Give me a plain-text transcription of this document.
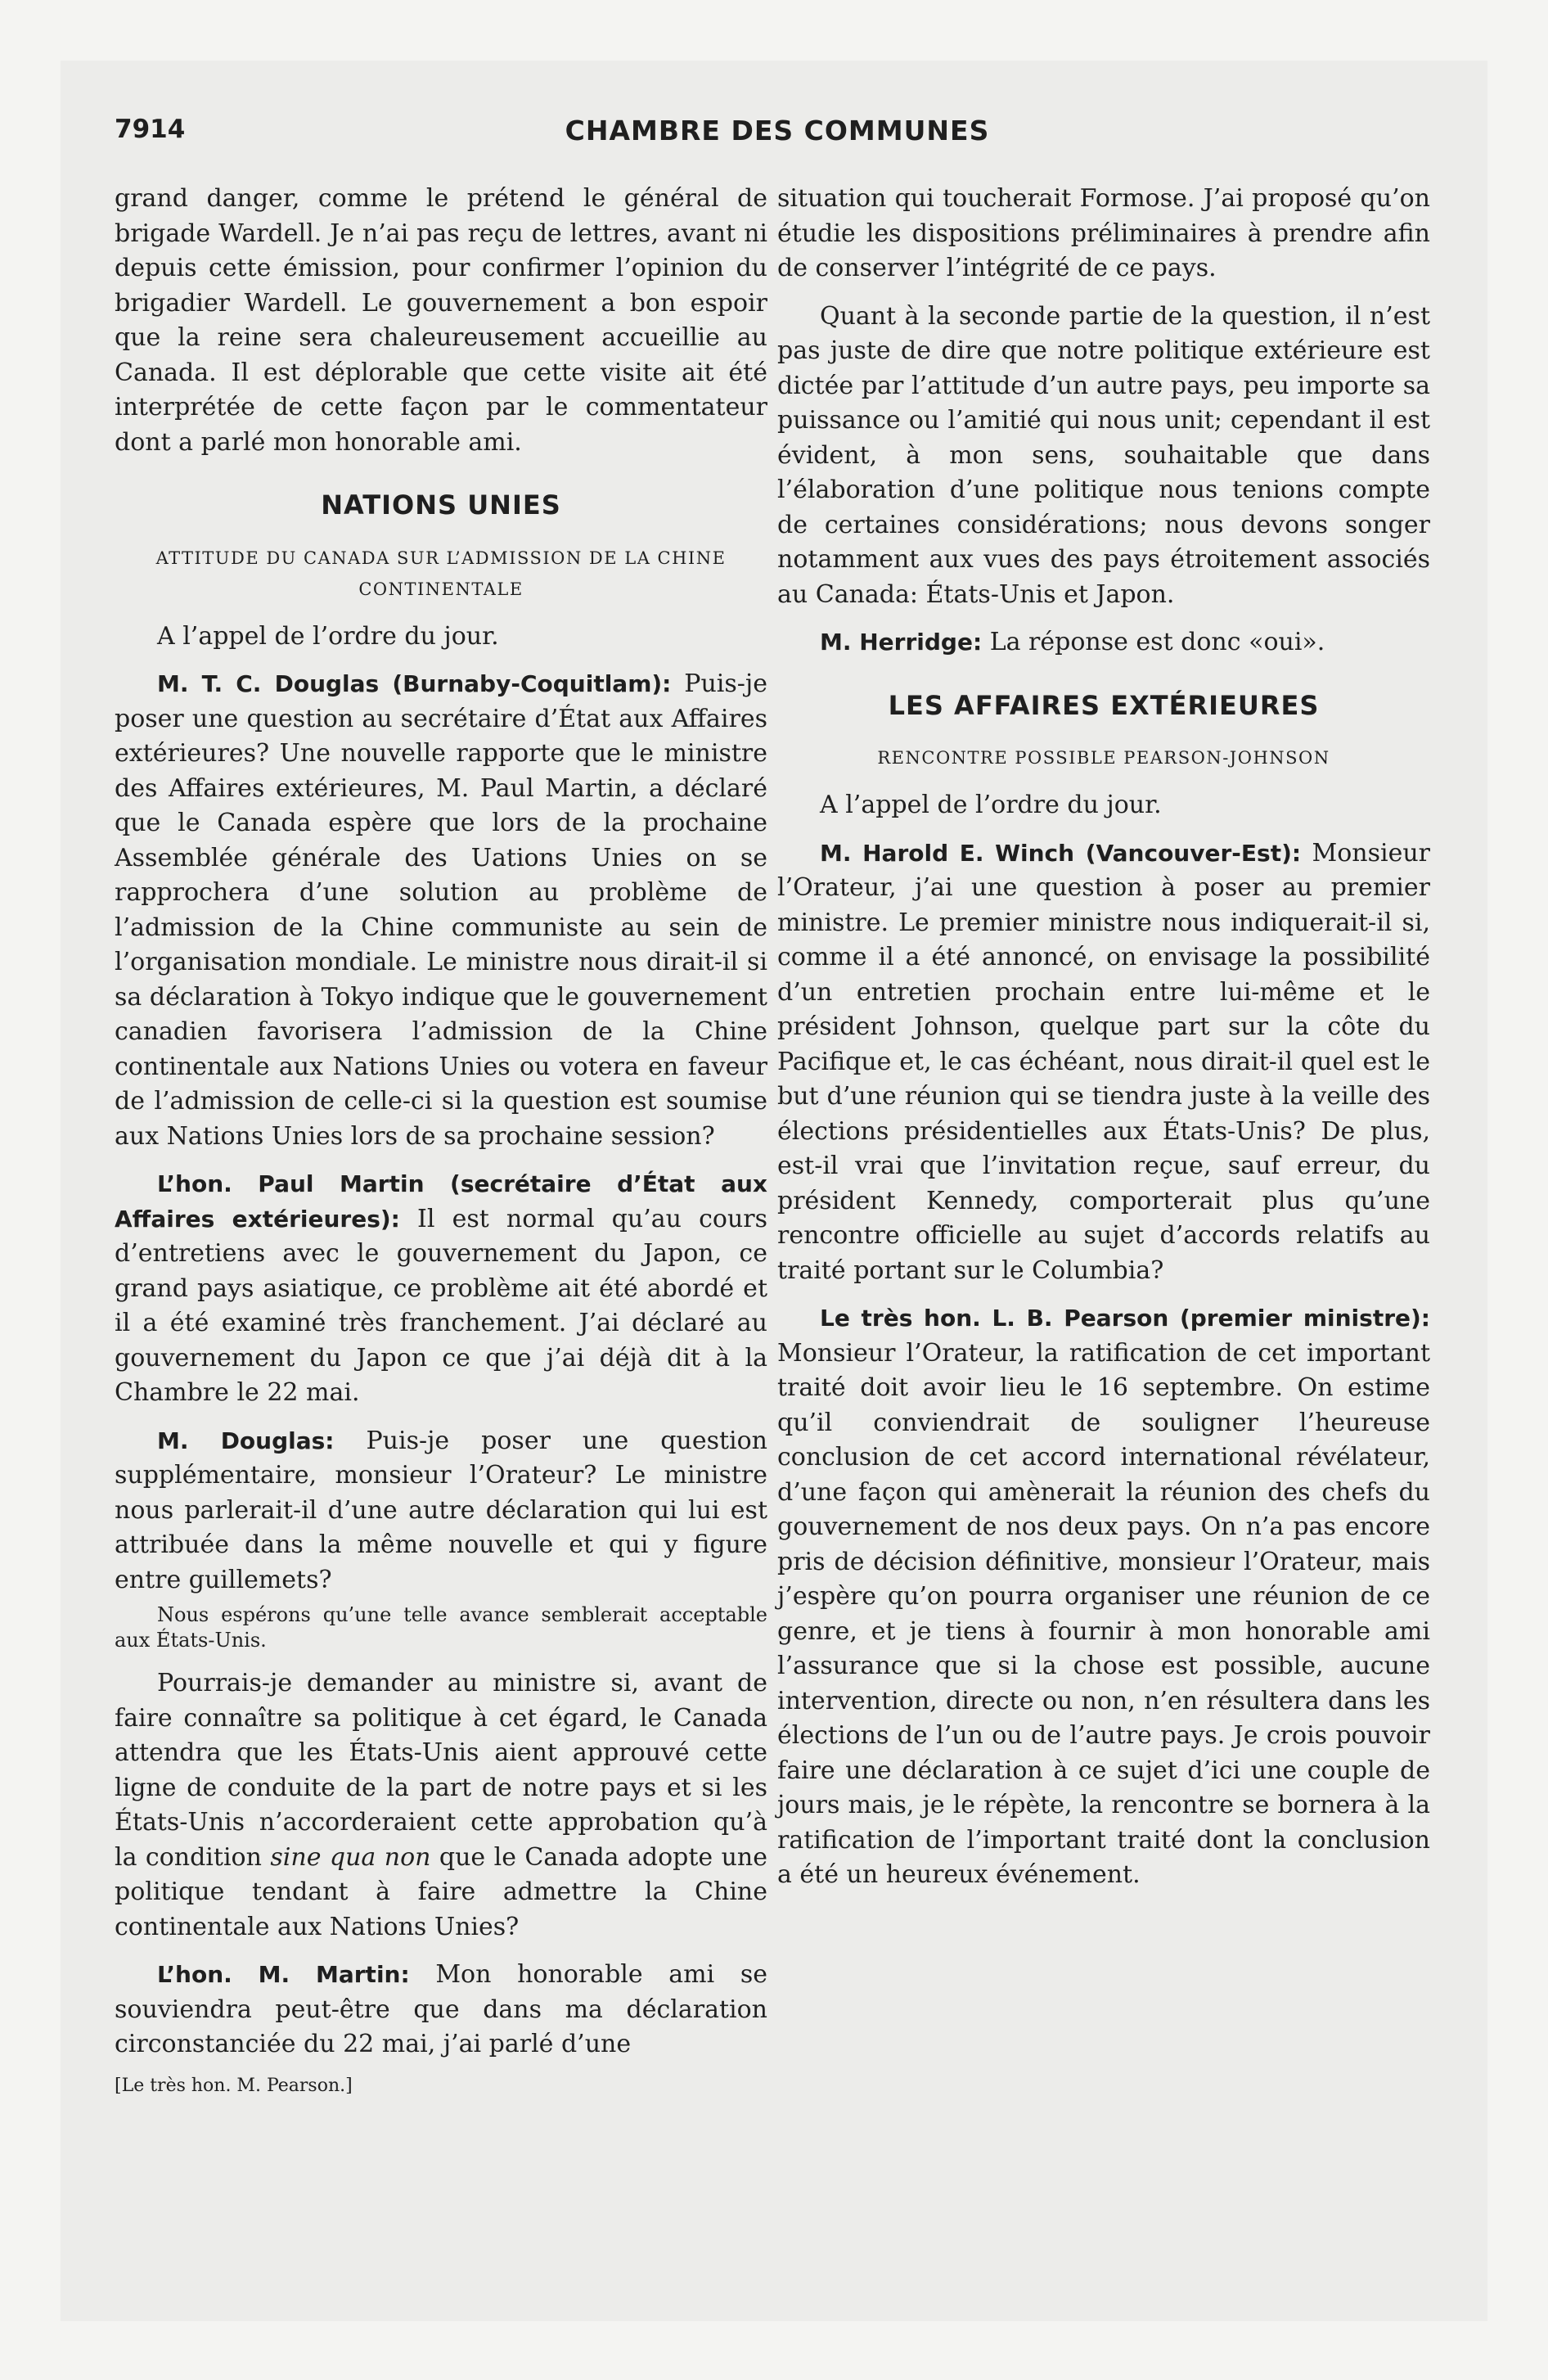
7914	CHAMBRE DES COMMUNES

grand danger, comme le prétend le général de brigade Wardell. Je n’ai pas reçu de lettres, avant ni depuis cette émission, pour confirmer l’opinion du brigadier Wardell. Le gouvernement a bon espoir que la reine sera chaleureusement accueillie au Canada. Il est déplorable que cette visite ait été interprétée de cette façon par le commentateur dont a parlé mon honorable ami.

NATIONS UNIES
ATTITUDE DU CANADA SUR L’ADMISSION DE LA CHINE CONTINENTALE

A l’appel de l’ordre du jour.

M. T. C. Douglas (Burnaby-Coquitlam): Puis-je poser une question au secrétaire d’État aux Affaires extérieures? Une nouvelle rapporte que le ministre des Affaires extérieures, M. Paul Martin, a déclaré que le Canada espère que lors de la prochaine Assemblée générale des Uations Unies on se rapprochera d’une solution au problème de l’admission de la Chine communiste au sein de l’organisation mondiale. Le ministre nous dirait-il si sa déclaration à Tokyo indique que le gouvernement canadien favorisera l’admission de la Chine continentale aux Nations Unies ou votera en faveur de l’admission de celle-ci si la question est soumise aux Nations Unies lors de sa prochaine session?

L’hon. Paul Martin (secrétaire d’État aux Affaires extérieures): Il est normal qu’au cours d’entretiens avec le gouvernement du Japon, ce grand pays asiatique, ce problème ait été abordé et il a été examiné très franchement. J’ai déclaré au gouvernement du Japon ce que j’ai déjà dit à la Chambre le 22 mai.

M. Douglas: Puis-je poser une question supplémentaire, monsieur l’Orateur? Le ministre nous parlerait-il d’une autre déclaration qui lui est attribuée dans la même nouvelle et qui y figure entre guillemets?

Nous espérons qu’une telle avance semblerait acceptable aux États-Unis.

Pourrais-je demander au ministre si, avant de faire connaître sa politique à cet égard, le Canada attendra que les États-Unis aient approuvé cette ligne de conduite de la part de notre pays et si les États-Unis n’accorderaient cette approbation qu’à la condition sine qua non que le Canada adopte une politique tendant à faire admettre la Chine continentale aux Nations Unies?

L’hon. M. Martin: Mon honorable ami se souviendra peut-être que dans ma déclaration circonstanciée du 22 mai, j’ai parlé d’une

[Le très hon. M. Pearson.]

situation qui toucherait Formose. J’ai proposé qu’on étudie les dispositions préliminaires à prendre afin de conserver l’intégrité de ce pays.

Quant à la seconde partie de la question, il n’est pas juste de dire que notre politique extérieure est dictée par l’attitude d’un autre pays, peu importe sa puissance ou l’amitié qui nous unit; cependant il est évident, à mon sens, souhaitable que dans l’élaboration d’une politique nous tenions compte de certaines considérations; nous devons songer notamment aux vues des pays étroitement associés au Canada: États-Unis et Japon.

M. Herridge: La réponse est donc «oui».

LES AFFAIRES EXTÉRIEURES
RENCONTRE POSSIBLE PEARSON-JOHNSON

A l’appel de l’ordre du jour.

M. Harold E. Winch (Vancouver-Est): Monsieur l’Orateur, j’ai une question à poser au premier ministre. Le premier ministre nous indiquerait-il si, comme il a été annoncé, on envisage la possibilité d’un entretien prochain entre lui-même et le président Johnson, quelque part sur la côte du Pacifique et, le cas échéant, nous dirait-il quel est le but d’une réunion qui se tiendra juste à la veille des élections présidentielles aux États-Unis? De plus, est-il vrai que l’invitation reçue, sauf erreur, du président Kennedy, comporterait plus qu’une rencontre officielle au sujet d’accords relatifs au traité portant sur le Columbia?

Le très hon. L. B. Pearson (premier ministre): Monsieur l’Orateur, la ratification de cet important traité doit avoir lieu le 16 septembre. On estime qu’il conviendrait de souligner l’heureuse conclusion de cet accord international révélateur, d’une façon qui amènerait la réunion des chefs du gouvernement de nos deux pays. On n’a pas encore pris de décision définitive, monsieur l’Orateur, mais j’espère qu’on pourra organiser une réunion de ce genre, et je tiens à fournir à mon honorable ami l’assurance que si la chose est possible, aucune intervention, directe ou non, n’en résultera dans les élections de l’un ou de l’autre pays. Je crois pouvoir faire une déclaration à ce sujet d’ici une couple de jours mais, je le répète, la rencontre se bornera à la ratification de l’important traité dont la conclusion a été un heureux événement.
